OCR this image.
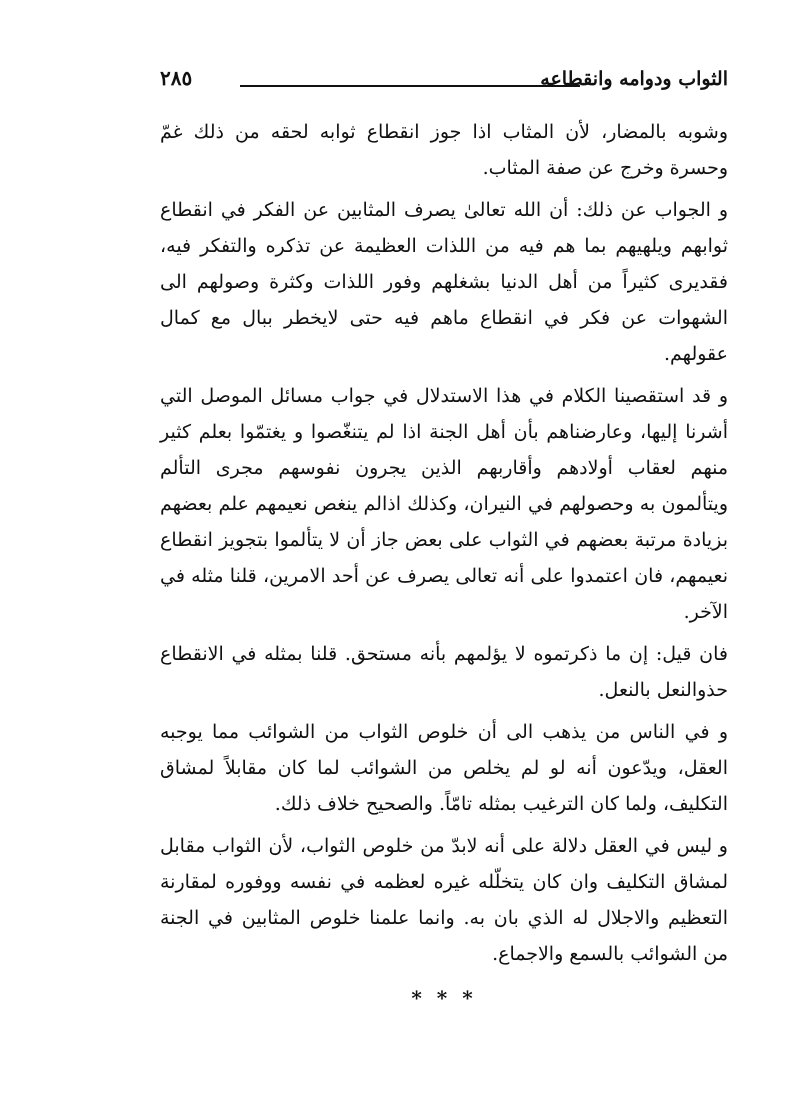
الثواب ودوامه وانقطاعه
٢٨٥

وشوبه بالمضار، لأن المثاب اذا جوز انقطاع ثوابه لحقه من ذلك غمّ وحسرة وخرج عن صفة المثاب.

و الجواب عن ذلك: أن الله تعالىٰ يصرف المثابين عن الفكر في انقطاع ثوابهم ويلهيهم بما هم فيه من اللذات العظيمة عن تذكره والتفكر فيه، فقديرى كثيراً من أهل الدنيا بشغلهم وفور اللذات وكثرة وصولهم الى الشهوات عن فكر في انقطاع ماهم فيه حتى لايخطر ببال مع كمال عقولهم.

و قد استقصينا الكلام في هذا الاستدلال في جواب مسائل الموصل التي أشرنا إليها، وعارضناهم بأن أهل الجنة اذا لم يتنغّصوا و يغتمّوا بعلم كثير منهم لعقاب أولادهم وأقاربهم الذين يجرون نفوسهم مجرى التألم ويتألمون به وحصولهم في النيران، وكذلك اذالم ينغص نعيمهم علم بعضهم بزيادة مرتبة بعضهم في الثواب على بعض جاز أن لا يتألموا بتجويز انقطاع نعيمهم، فان اعتمدوا على أنه تعالى يصرف عن أحد الامرين، قلنا مثله في الآخر.

فان قيل: إن ما ذكرتموه لا يؤلمهم بأنه مستحق. قلنا بمثله في الانقطاع حذوالنعل بالنعل.

و في الناس من يذهب الى أن خلوص الثواب من الشوائب مما يوجبه العقل، ويدّعون أنه لو لم يخلص من الشوائب لما كان مقابلاً لمشاق التكليف، ولما كان الترغيب بمثله تامّاً. والصحيح خلاف ذلك.

و ليس في العقل دلالة على أنه لابدّ من خلوص الثواب، لأن الثواب مقابل لمشاق التكليف وان كان يتخلّله غيره لعظمه في نفسه ووفوره لمقارنة التعظيم والاجلال له الذي بان به. وانما علمنا خلوص المثابين في الجنة من الشوائب بالسمع والاجماع.

* * *
